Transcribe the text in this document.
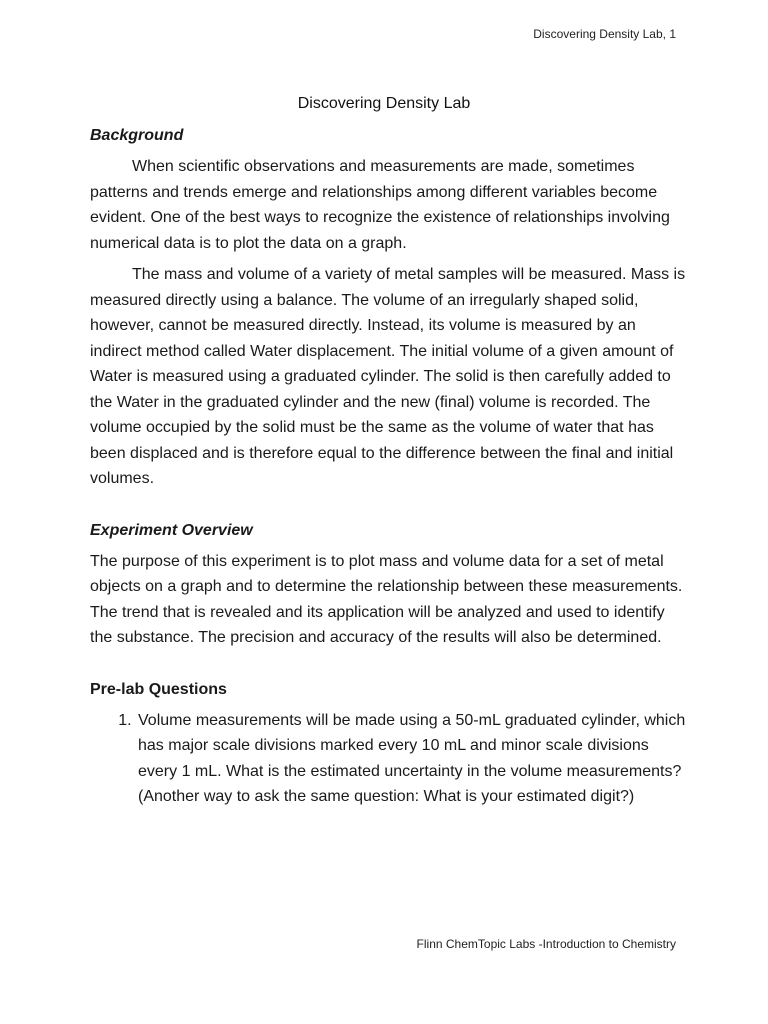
Discovering Density Lab, 1
Discovering Density Lab

Background

When scientific observations and measurements are made, sometimes patterns and trends emerge and relationships among different variables become evident. One of the best ways to recognize the existence of relationships involving numerical data is to plot the data on a graph.

The mass and volume of a variety of metal samples will be measured. Mass is measured directly using a balance. The volume of an irregularly shaped solid, however, cannot be measured directly. Instead, its volume is measured by an indirect method called Water displacement. The initial volume of a given amount of Water is measured using a graduated cylinder. The solid is then carefully added to the Water in the graduated cylinder and the new (final) volume is recorded. The volume occupied by the solid must be the same as the volume of water that has been displaced and is therefore equal to the difference between the final and initial volumes.

Experiment Overview

The purpose of this experiment is to plot mass and volume data for a set of metal objects on a graph and to determine the relationship between these measurements. The trend that is revealed and its application will be analyzed and used to identify the substance. The precision and accuracy of the results will also be determined.

Pre-lab Questions

1. Volume measurements will be made using a 50-mL graduated cylinder, which has major scale divisions marked every 10 mL and minor scale divisions every 1 mL. What is the estimated uncertainty in the volume measurements? (Another way to ask the same question: What is your estimated digit?)
Flinn ChemTopic Labs -Introduction to Chemistry
